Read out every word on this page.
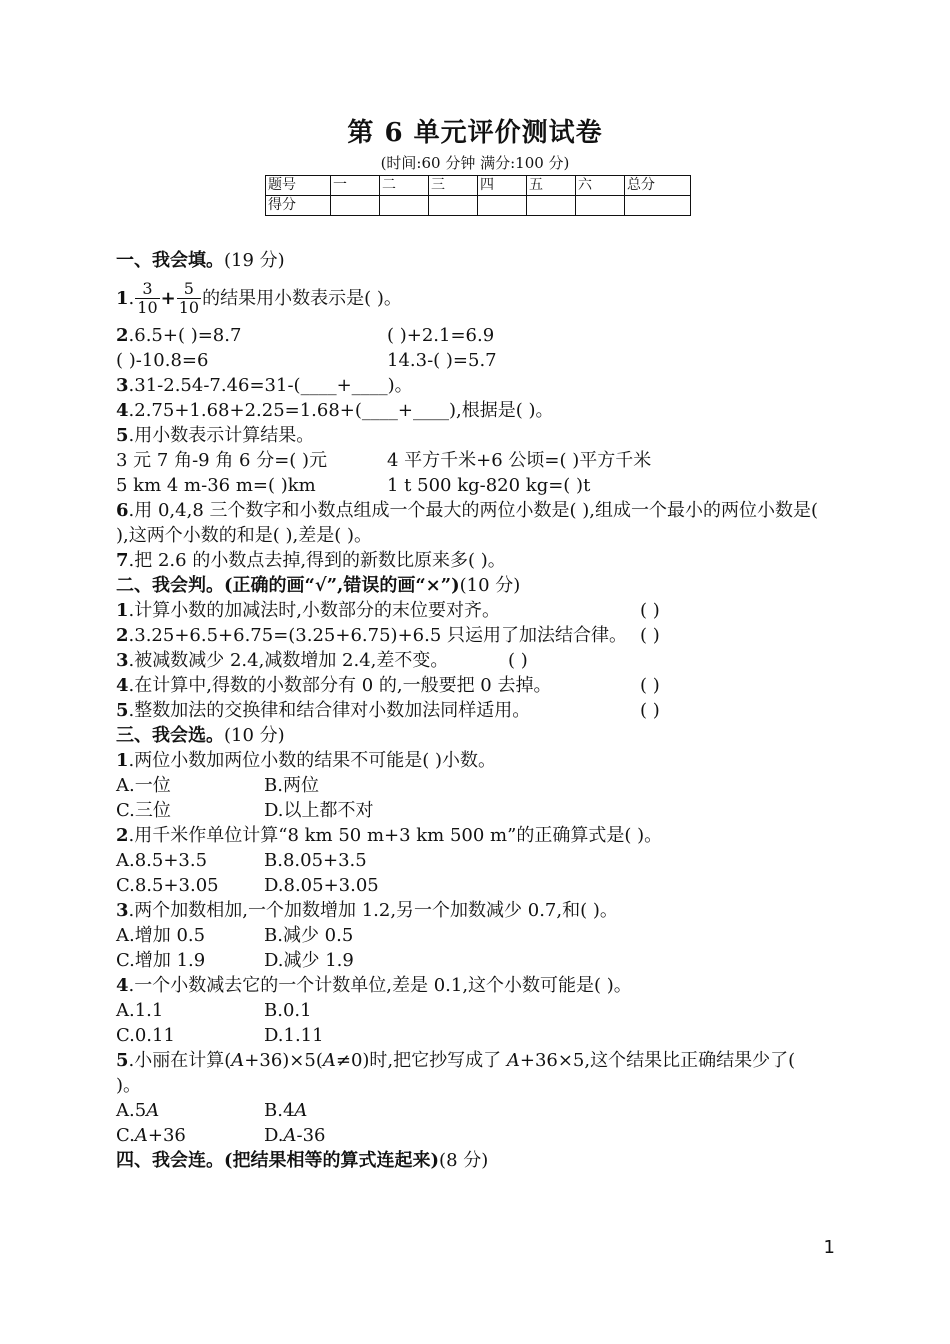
第 6 单元评价测试卷
(时间:60 分钟 满分:100 分)
题号	一	二	三	四	五	六	总分
得分							
一、我会填。(19 分)
1 . $\frac{3}{10} + \frac{5}{10}$ 的结果用小数表示是( )。
2.6.5+( )=8.7	( )+2.1=6.9
( )-10.8=6	14.3-( )=5.7
3.31-2.54-7.46=31-(____+____)。
4.2.75+1.68+2.25=1.68+(____+____),根据是( )。
5.用小数表示计算结果。
3 元 7 角-9 角 6 分=( )元	4 平方千米+6 公顷=( )平方千米
5 km 4 m-36 m=( )km	1 t 500 kg-820 kg=( )t
6.用 0,4,8 三个数字和小数点组成一个最大的两位小数是( ),组成一个最小的两位小数是( ),这两个小数的和是( ),差是( )。
7.把 2.6 的小数点去掉,得到的新数比原来多( )。
二、我会判。(正确的画“√”,错误的画“×”)(10 分)
1.计算小数的加减法时,小数部分的末位要对齐。	( )
2.3.25+6.5+6.75=(3.25+6.75)+6.5 只运用了加法结合律。 ( )
3.被减数减少 2.4,减数增加 2.4,差不变。	( )
4.在计算中,得数的小数部分有 0 的,一般要把 0 去掉。	( )
5.整数加法的交换律和结合律对小数加法同样适用。	( )
三、我会选。(10 分)
1.两位小数加两位小数的结果不可能是( )小数。
A.一位	B.两位
C.三位	D.以上都不对
2.用千米作单位计算“8 km 50 m+3 km 500 m”的正确算式是( )。
A.8.5+3.5	B.8.05+3.5
C.8.5+3.05	D.8.05+3.05
3.两个加数相加,一个加数增加 1.2,另一个加数减少 0.7,和( )。
A.增加 0.5	B.减少 0.5
C.增加 1.9	D.减少 1.9
4.一个小数减去它的一个计数单位,差是 0.1,这个小数可能是( )。
A.1.1	B.0.1
C.0.11	D.1.11
5.小丽在计算(A+36)×5(A≠0)时,把它抄写成了 A+36×5,这个结果比正确结果少了(
)。
A.5A	B.4A
C.A+36	D.A-36
四、我会连。(把结果相等的算式连起来)(8 分)
1
